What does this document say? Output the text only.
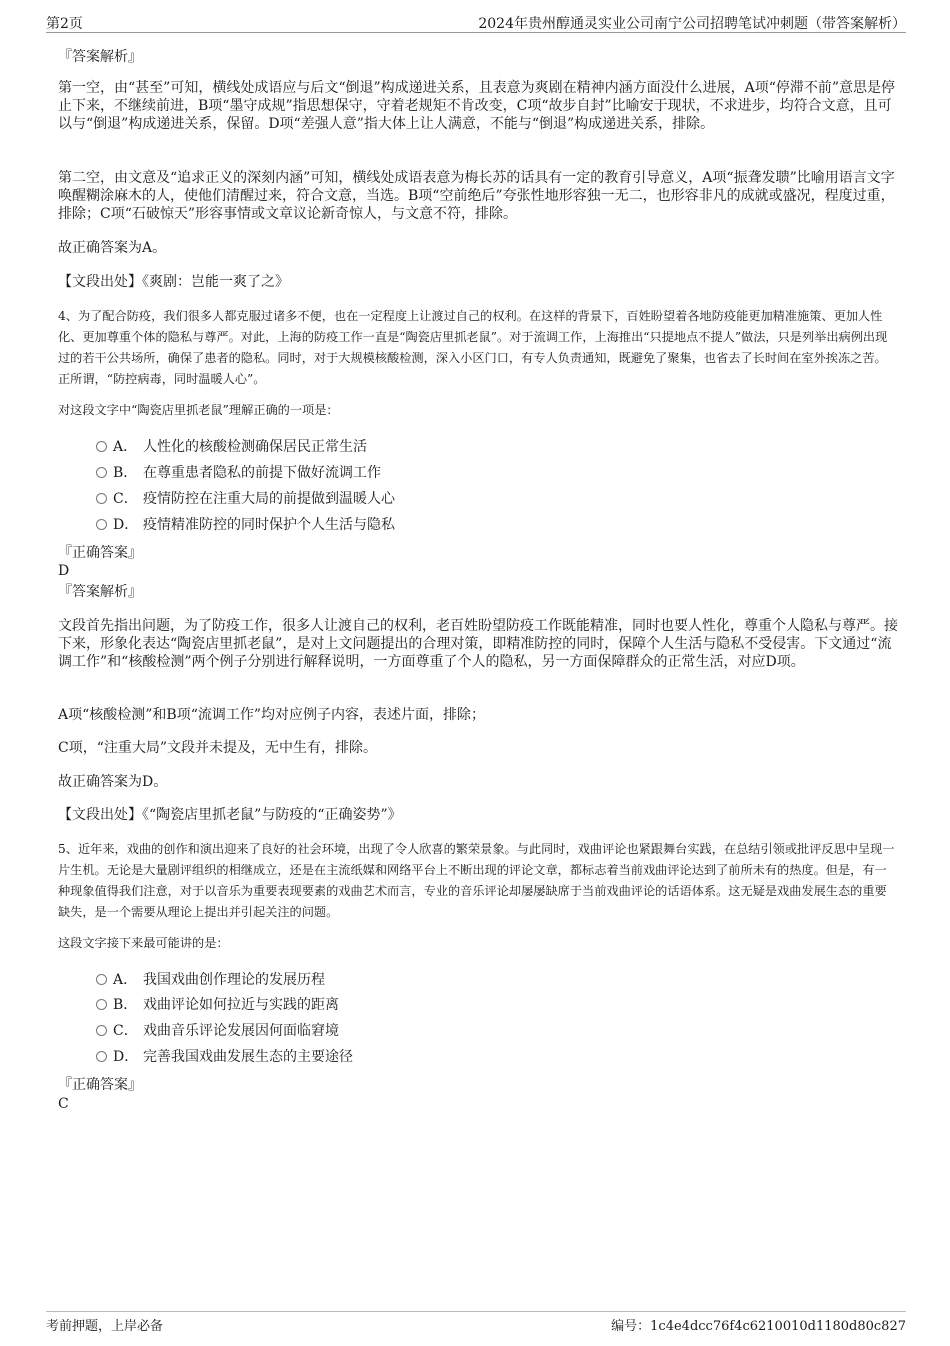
第2页	2024年贵州醇通灵实业公司南宁公司招聘笔试冲刺题（带答案解析）
『答案解析』

第一空，由“甚至”可知，横线处成语应与后文“倒退”构成递进关系，且表意为爽剧在精神内涵方面没什么进展，A项“停滞不前”意思是停止下来，不继续前进，B项“墨守成规”指思想保守，守着老规矩不肯改变，C项“故步自封”比喻安于现状，不求进步，均符合文意，且可以与“倒退”构成递进关系，保留。D项“差强人意”指大体上让人满意，不能与“倒退”构成递进关系，排除。

第二空，由文意及“追求正义的深刻内涵”可知，横线处成语表意为梅长苏的话具有一定的教育引导意义，A项“振聋发聩”比喻用语言文字唤醒糊涂麻木的人，使他们清醒过来，符合文意，当选。B项“空前绝后”夸张性地形容独一无二，也形容非凡的成就或盛况，程度过重，排除；C项“石破惊天”形容事情或文章议论新奇惊人，与文意不符，排除。

故正确答案为A。

【文段出处】《爽剧：岂能一爽了之》

4、为了配合防疫，我们很多人都克服过诸多不便，也在一定程度上让渡过自己的权利。在这样的背景下，百姓盼望着各地防疫能更加精准施策、更加人性化、更加尊重个体的隐私与尊严。对此，上海的防疫工作一直是“陶瓷店里抓老鼠”。对于流调工作，上海推出“只提地点不提人”做法，只是列举出病例出现过的若干公共场所，确保了患者的隐私。同时，对于大规模核酸检测，深入小区门口，有专人负责通知，既避免了聚集，也省去了长时间在室外挨冻之苦。正所谓，“防控病毒，同时温暖人心”。

对这段文字中“陶瓷店里抓老鼠”理解正确的一项是：

A． 人性化的核酸检测确保居民正常生活
B． 在尊重患者隐私的前提下做好流调工作
C． 疫情防控在注重大局的前提做到温暖人心
D． 疫情精准防控的同时保护个人生活与隐私
『正确答案』
D
『答案解析』

文段首先指出问题，为了防疫工作，很多人让渡自己的权利，老百姓盼望防疫工作既能精准，同时也要人性化，尊重个人隐私与尊严。接下来，形象化表达“陶瓷店里抓老鼠”，是对上文问题提出的合理对策，即精准防控的同时，保障个人生活与隐私不受侵害。下文通过“流调工作”和“核酸检测”两个例子分别进行解释说明，一方面尊重了个人的隐私，另一方面保障群众的正常生活，对应D项。

A项“核酸检测”和B项“流调工作”均对应例子内容，表述片面，排除；

C项，“注重大局”文段并未提及，无中生有，排除。

故正确答案为D。

【文段出处】《“陶瓷店里抓老鼠”与防疫的“正确姿势”》

5、近年来，戏曲的创作和演出迎来了良好的社会环境，出现了令人欣喜的繁荣景象。与此同时，戏曲评论也紧跟舞台实践，在总结引领或批评反思中呈现一片生机。无论是大量剧评组织的相继成立，还是在主流纸媒和网络平台上不断出现的评论文章，都标志着当前戏曲评论达到了前所未有的热度。但是，有一种现象值得我们注意，对于以音乐为重要表现要素的戏曲艺术而言，专业的音乐评论却屡屡缺席于当前戏曲评论的话语体系。这无疑是戏曲发展生态的重要缺失，是一个需要从理论上提出并引起关注的问题。

这段文字接下来最可能讲的是：

A． 我国戏曲创作理论的发展历程
B． 戏曲评论如何拉近与实践的距离
C． 戏曲音乐评论发展因何面临窘境
D． 完善我国戏曲发展生态的主要途径
『正确答案』
C
考前押题，上岸必备	编号：1c4e4dcc76f4c6210010d1180d80c827
